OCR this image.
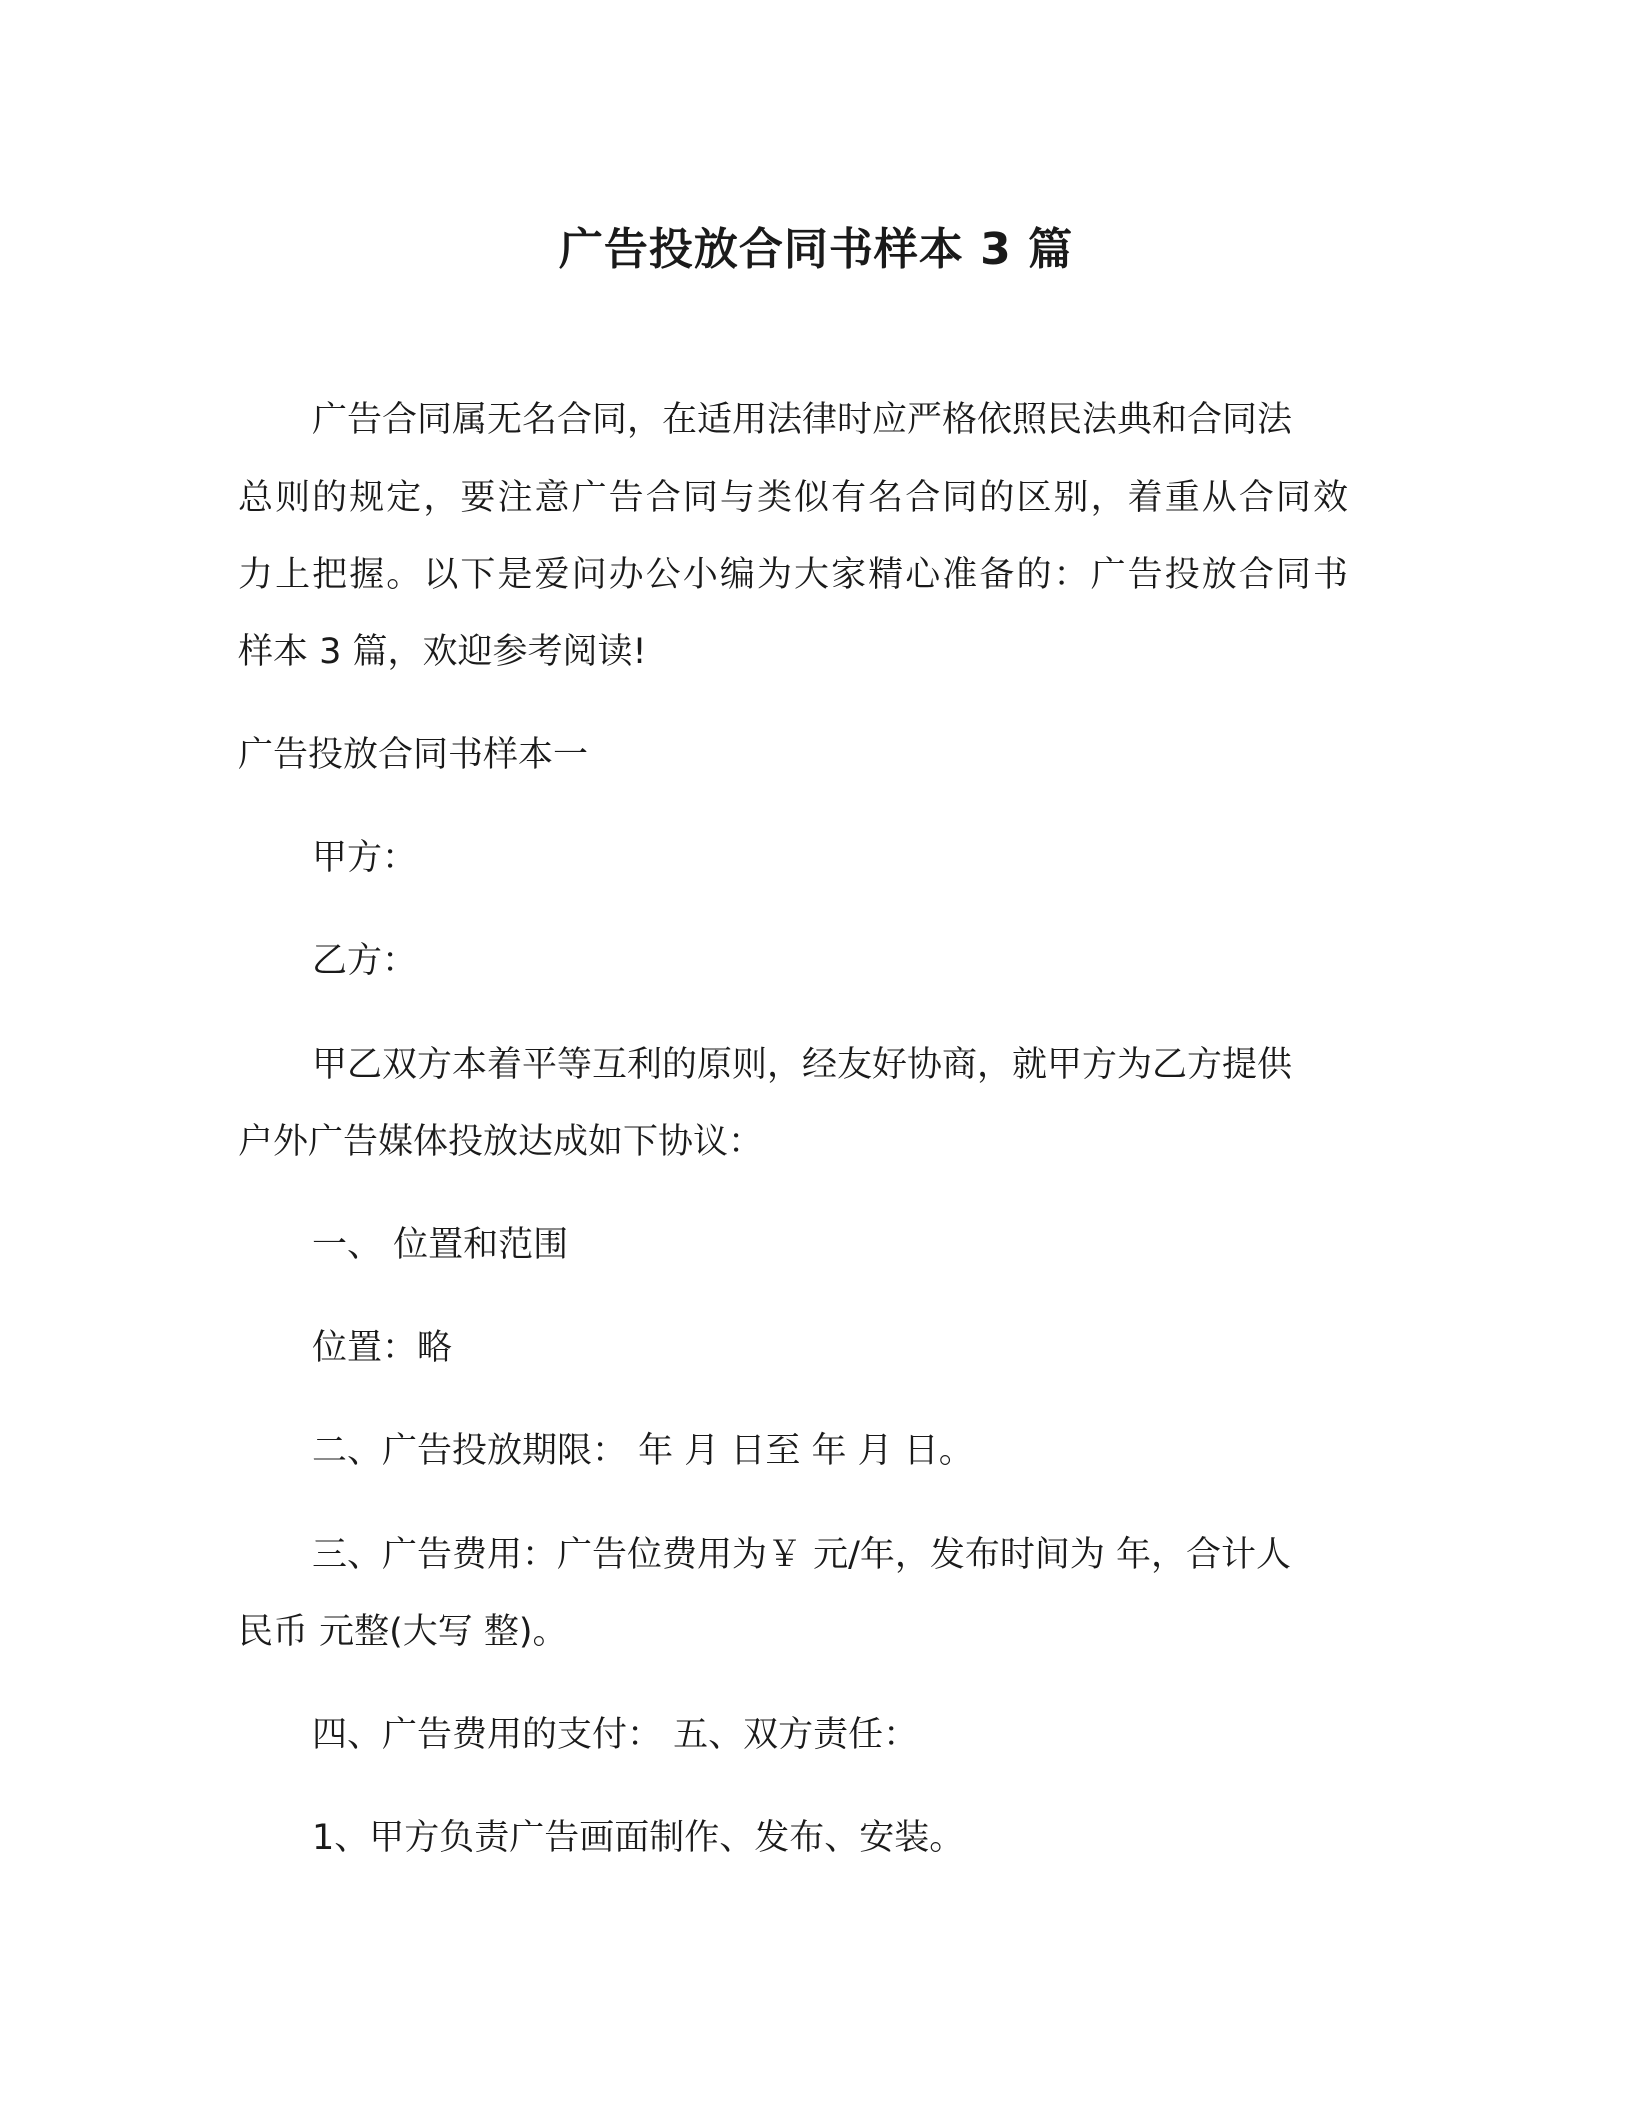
广告投放合同书样本 3 篇

广告合同属无名合同，在适用法律时应严格依照民法典和合同法

总则的规定，要注意广告合同与类似有名合同的区别，着重从合同效

力上把握。以下是爱问办公小编为大家精心准备的：广告投放合同书

样本 3 篇，欢迎参考阅读!

广告投放合同书样本一

甲方：

乙方：

甲乙双方本着平等互利的原则，经友好协商，就甲方为乙方提供

户外广告媒体投放达成如下协议：

一、 位置和范围

位置：略

二、广告投放期限： 年 月 日至 年 月 日。

三、广告费用：广告位费用为￥ 元/年，发布时间为 年，合计人

民币 元整(大写 整)。

四、广告费用的支付： 五、双方责任：

1、甲方负责广告画面制作、发布、安装。
